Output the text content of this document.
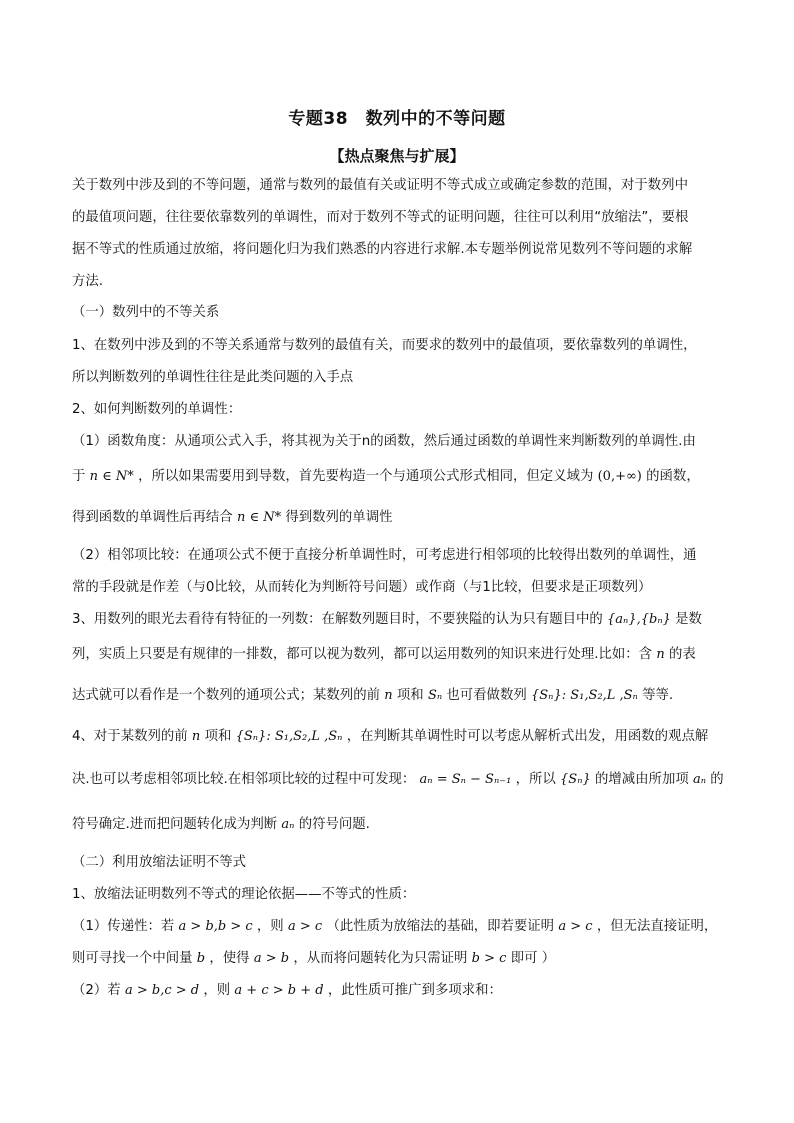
专题38　数列中的不等问题
【热点聚焦与扩展】
关于数列中涉及到的不等问题，通常与数列的最值有关或证明不等式成立或确定参数的范围，对于数列中
的最值项问题，往往要依靠数列的单调性，而对于数列不等式的证明问题，往往可以利用“放缩法”，要根
据不等式的性质通过放缩，将问题化归为我们熟悉的内容进行求解.本专题举例说常见数列不等问题的求解
方法.
（一）数列中的不等关系
1、在数列中涉及到的不等关系通常与数列的最值有关，而要求的数列中的最值项，要依靠数列的单调性，
所以判断数列的单调性往往是此类问题的入手点
2、如何判断数列的单调性：
（1）函数角度：从通项公式入手，将其视为关于n的函数，然后通过函数的单调性来判断数列的单调性.由
于 n ∈ N* ，所以如果需要用到导数，首先要构造一个与通项公式形式相同，但定义域为 (0,+∞) 的函数，
得到函数的单调性后再结合 n ∈ N* 得到数列的单调性
（2）相邻项比较：在通项公式不便于直接分析单调性时，可考虑进行相邻项的比较得出数列的单调性，通
常的手段就是作差（与0比较，从而转化为判断符号问题）或作商（与1比较，但要求是正项数列）
3、用数列的眼光去看待有特征的一列数：在解数列题目时，不要狭隘的认为只有题目中的 {aₙ},{bₙ} 是数
列，实质上只要是有规律的一排数，都可以视为数列，都可以运用数列的知识来进行处理.比如：含 n 的表
达式就可以看作是一个数列的通项公式；某数列的前 n 项和 Sₙ 也可看做数列 {Sₙ}: S₁,S₂,L ,Sₙ 等等.
4、对于某数列的前 n 项和 {Sₙ}: S₁,S₂,L ,Sₙ ，在判断其单调性时可以考虑从解析式出发，用函数的观点解
决.也可以考虑相邻项比较.在相邻项比较的过程中可发现： aₙ = Sₙ − Sₙ₋₁ ，所以 {Sₙ} 的增减由所加项 aₙ 的
符号确定.进而把问题转化成为判断 aₙ 的符号问题.
（二）利用放缩法证明不等式
1、放缩法证明数列不等式的理论依据——不等式的性质：
（1）传递性：若 a > b,b > c ，则 a > c （此性质为放缩法的基础，即若要证明 a > c ，但无法直接证明，
则可寻找一个中间量 b ，使得 a > b ，从而将问题转化为只需证明 b > c 即可 ）
（2）若 a > b,c > d ，则 a + c > b + d ，此性质可推广到多项求和：
